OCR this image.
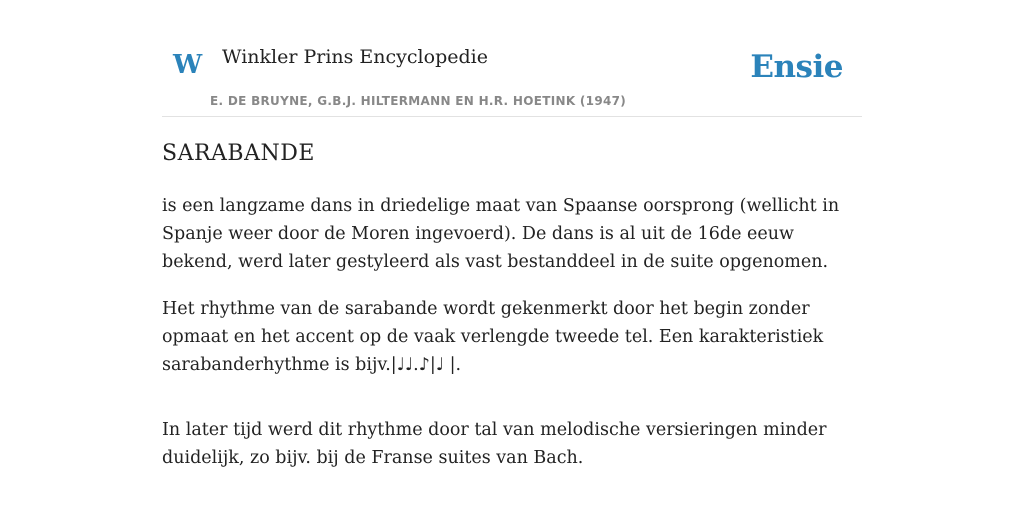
W Winkler Prins Encyclopedie
E. DE BRUYNE, G.B.J. HILTERMANN EN H.R. HOETINK (1947)
Ensie
SARABANDE

is een langzame dans in driedelige maat van Spaanse oorsprong (wellicht in Spanje weer door de Moren ingevoerd). De dans is al uit de 16de eeuw bekend, werd later gestyleerd als vast bestanddeel in de suite opgenomen.

Het rhythme van de sarabande wordt gekenmerkt door het begin zonder opmaat en het accent op de vaak verlengde tweede tel. Een karakteristiek sarabanderhythme is bijv.|♩♩.♪|♩ |.

In later tijd werd dit rhythme door tal van melodische versieringen minder duidelijk, zo bijv. bij de Franse suites van Bach.
